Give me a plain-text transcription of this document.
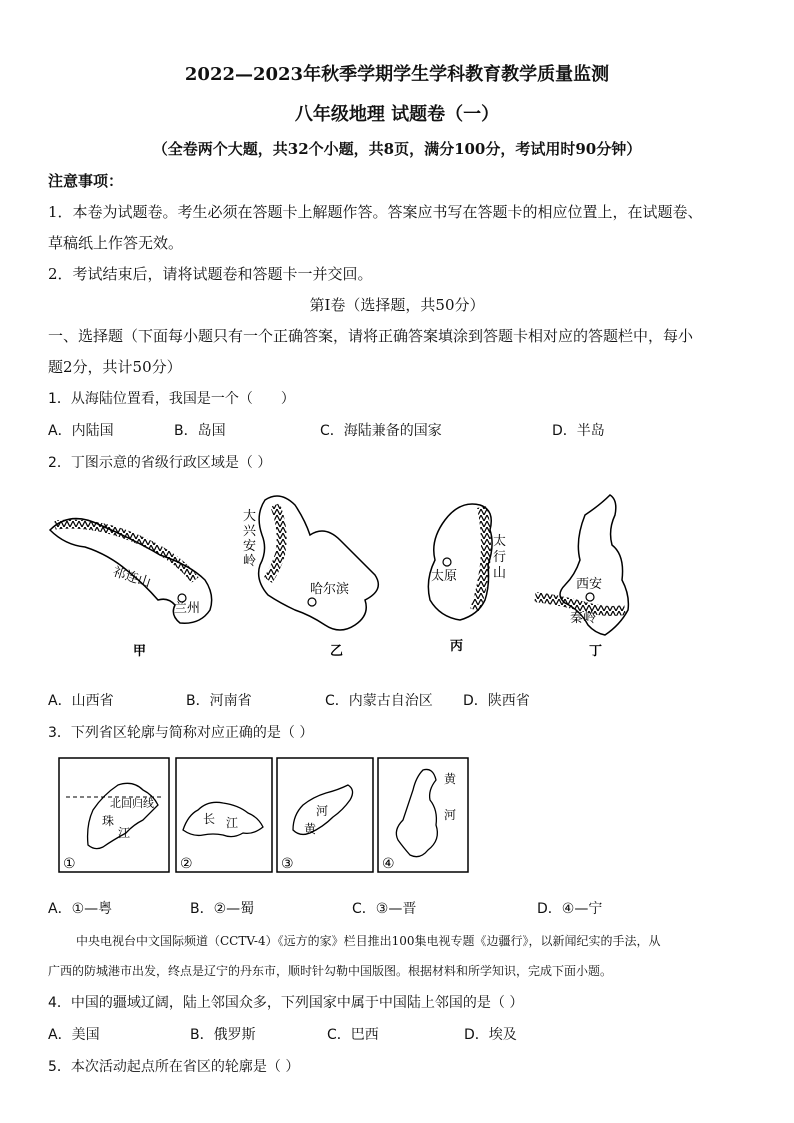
2022—2023年秋季学期学生学科教育教学质量监测
八年级地理 试题卷（一）
（全卷两个大题，共32个小题，共8页，满分100分，考试用时90分钟）
注意事项：
1．本卷为试题卷。考生必须在答题卡上解题作答。答案应书写在答题卡的相应位置上，在试题卷、
草稿纸上作答无效。
2．考试结束后，请将试题卷和答题卡一并交回。
第Ⅰ卷（选择题，共50分）
一、选择题（下面每小题只有一个正确答案，请将正确答案填涂到答题卡相对应的答题栏中，每小
题2分，共计50分）
1．从海陆位置看，我国是一个（　　）
A．内陆国	B．岛国	C．海陆兼备的国家	D．半岛
2．丁图示意的省级行政区域是（ ）
祁连山
兰州
甲
大
兴
安
岭
哈尔滨
乙
太原
太
行
山
丙
西安
秦岭
丁
A．山西省	B．河南省	C．内蒙古自治区 D．陕西省
3．下列省区轮廓与简称对应正确的是（ ）
北回归线
珠
江
①
长 江
②
河
黄
③
黄
河
④
A．①—粤	B．②—蜀	C．③—晋	D．④—宁
中央电视台中文国际频道（CCTV-4）《远方的家》栏目推出100集电视专题《边疆行》，以新闻纪实的手法，从
广西的防城港市出发，终点是辽宁的丹东市，顺时针勾勒中国版图。根据材料和所学知识，完成下面小题。
4．中国的疆域辽阔，陆上邻国众多，下列国家中属于中国陆上邻国的是（ ）
A．美国	B．俄罗斯	C．巴西	D．埃及
5．本次活动起点所在省区的轮廓是（ ）
